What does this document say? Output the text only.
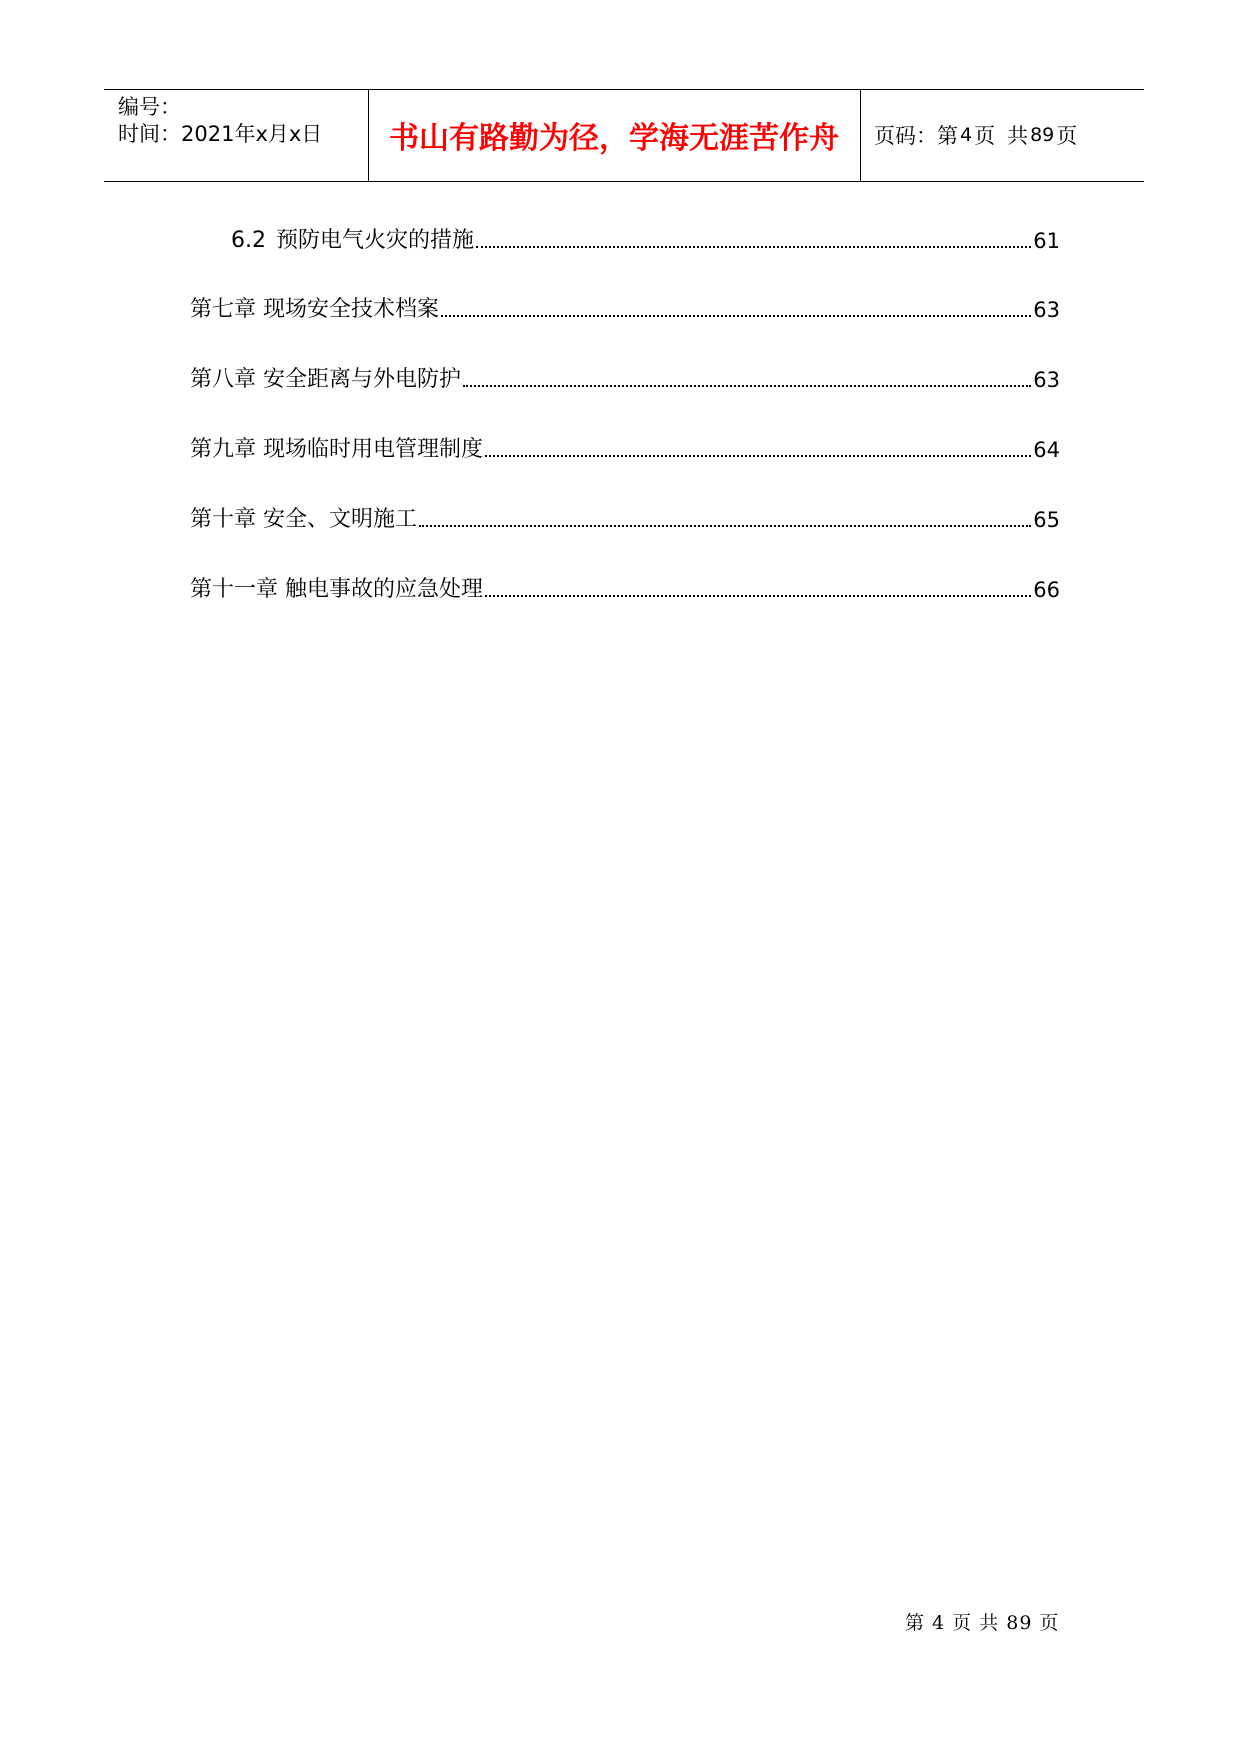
编号：
时间：2021年x月x日	书山有路勤为径，学海无涯苦作舟	页码：第 4 页 共 89 页
6.2 预防电气火灾的措施	61
第七章 现场安全技术档案	63
第八章 安全距离与外电防护	63
第九章 现场临时用电管理制度	64
第十章 安全、文明施工	65
第十一章 触电事故的应急处理	66
第 4 页 共 89 页
